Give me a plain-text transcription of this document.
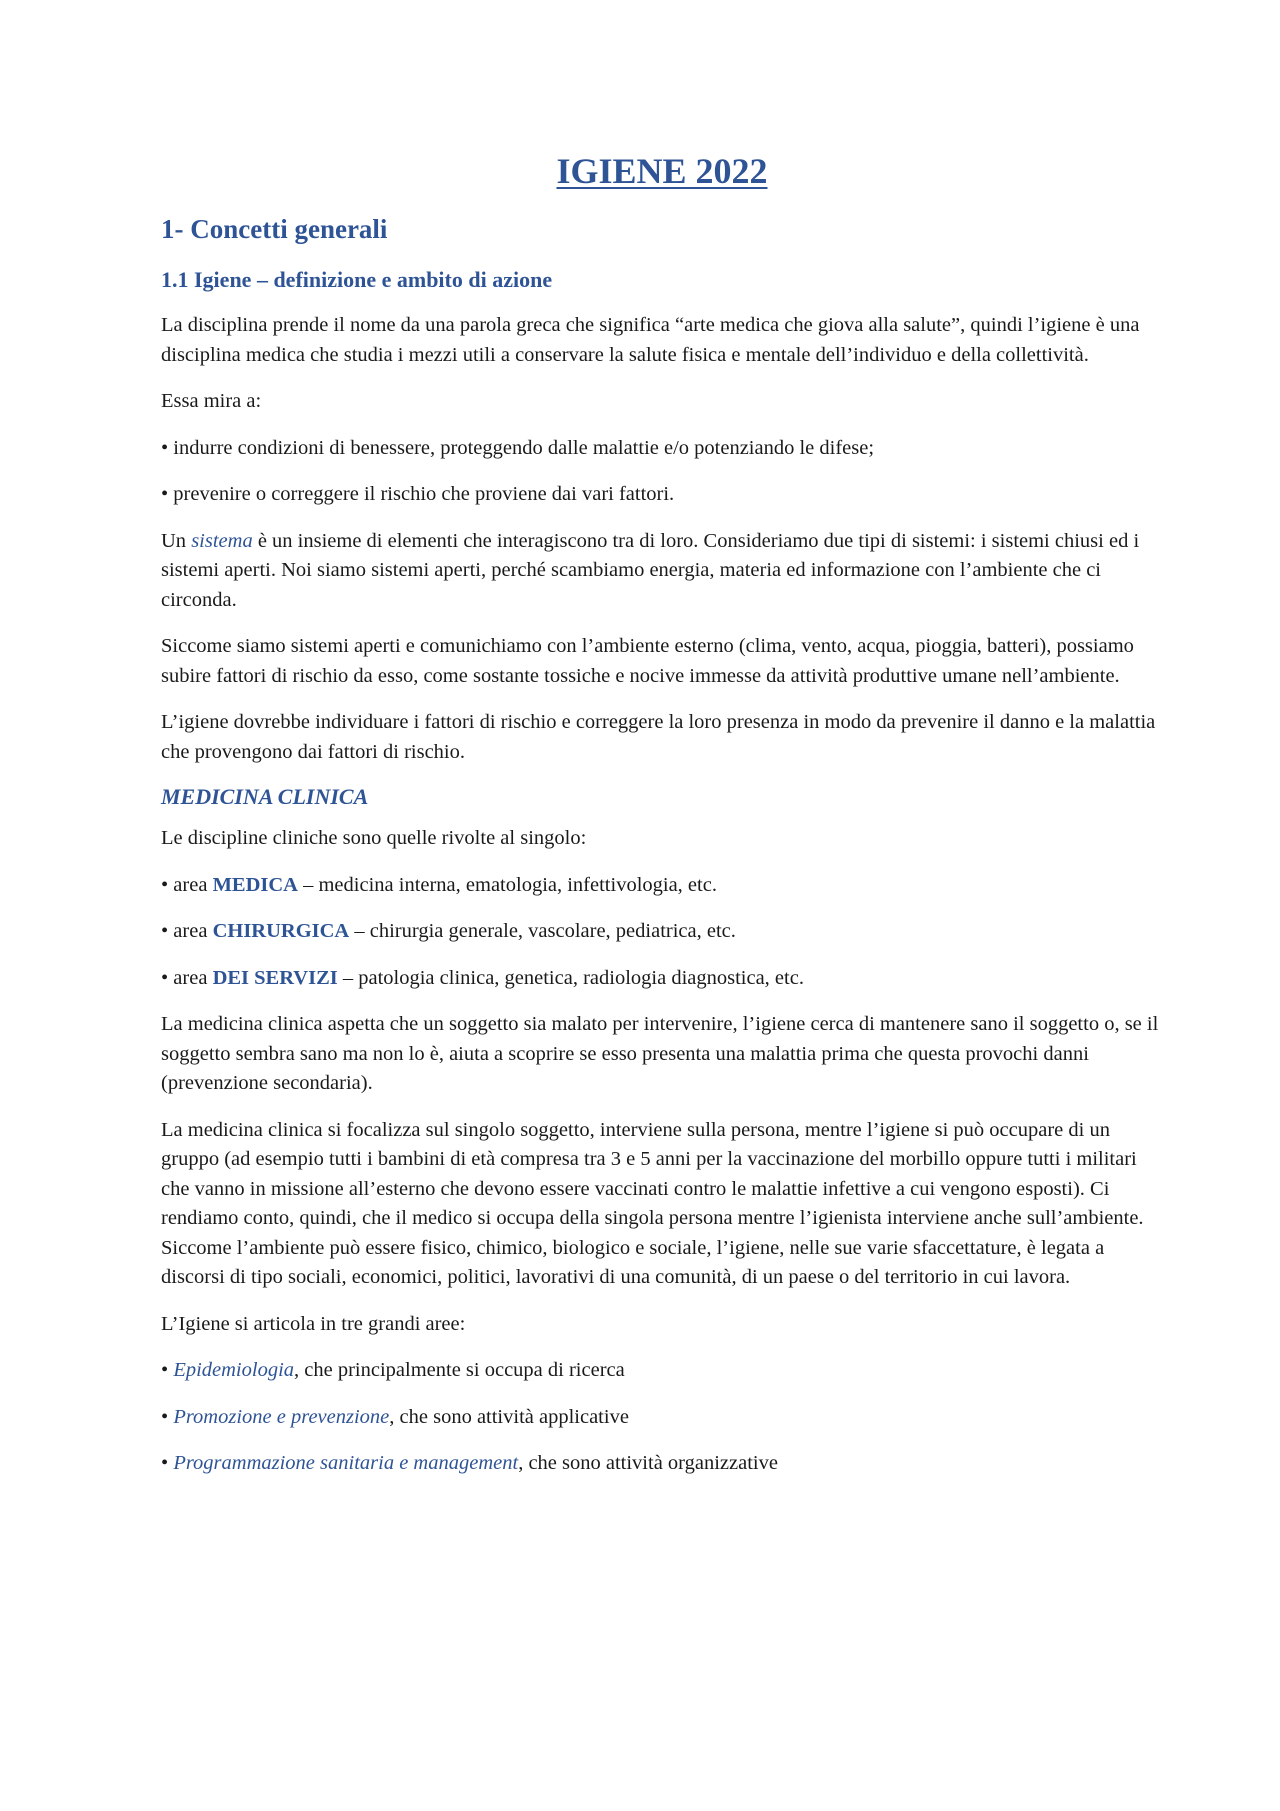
IGIENE 2022
1- Concetti generali
1.1 Igiene – definizione e ambito di azione

La disciplina prende il nome da una parola greca che significa “arte medica che giova alla salute”, quindi l’igiene è una disciplina medica che studia i mezzi utili a conservare la salute fisica e mentale dell’individuo e della collettività.

Essa mira a:

• indurre condizioni di benessere, proteggendo dalle malattie e/o potenziando le difese;

• prevenire o correggere il rischio che proviene dai vari fattori.

Un sistema è un insieme di elementi che interagiscono tra di loro. Consideriamo due tipi di sistemi: i sistemi chiusi ed i sistemi aperti. Noi siamo sistemi aperti, perché scambiamo energia, materia ed informazione con l’ambiente che ci circonda.

Siccome siamo sistemi aperti e comunichiamo con l’ambiente esterno (clima, vento, acqua, pioggia, batteri), possiamo subire fattori di rischio da esso, come sostante tossiche e nocive immesse da attività produttive umane nell’ambiente.

L’igiene dovrebbe individuare i fattori di rischio e correggere la loro presenza in modo da prevenire il danno e la malattia che provengono dai fattori di rischio.

MEDICINA CLINICA

Le discipline cliniche sono quelle rivolte al singolo:

• area MEDICA – medicina interna, ematologia, infettivologia, etc.

• area CHIRURGICA – chirurgia generale, vascolare, pediatrica, etc.

• area DEI SERVIZI – patologia clinica, genetica, radiologia diagnostica, etc.

La medicina clinica aspetta che un soggetto sia malato per intervenire, l’igiene cerca di mantenere sano il soggetto o, se il soggetto sembra sano ma non lo è, aiuta a scoprire se esso presenta una malattia prima che questa provochi danni (prevenzione secondaria).

La medicina clinica si focalizza sul singolo soggetto, interviene sulla persona, mentre l’igiene si può occupare di un gruppo (ad esempio tutti i bambini di età compresa tra 3 e 5 anni per la vaccinazione del morbillo oppure tutti i militari che vanno in missione all’esterno che devono essere vaccinati contro le malattie infettive a cui vengono esposti). Ci rendiamo conto, quindi, che il medico si occupa della singola persona mentre l’igienista interviene anche sull’ambiente. Siccome l’ambiente può essere fisico, chimico, biologico e sociale, l’igiene, nelle sue varie sfaccettature, è legata a discorsi di tipo sociali, economici, politici, lavorativi di una comunità, di un paese o del territorio in cui lavora.

L’Igiene si articola in tre grandi aree:

• Epidemiologia, che principalmente si occupa di ricerca

• Promozione e prevenzione, che sono attività applicative

• Programmazione sanitaria e management, che sono attività organizzative
